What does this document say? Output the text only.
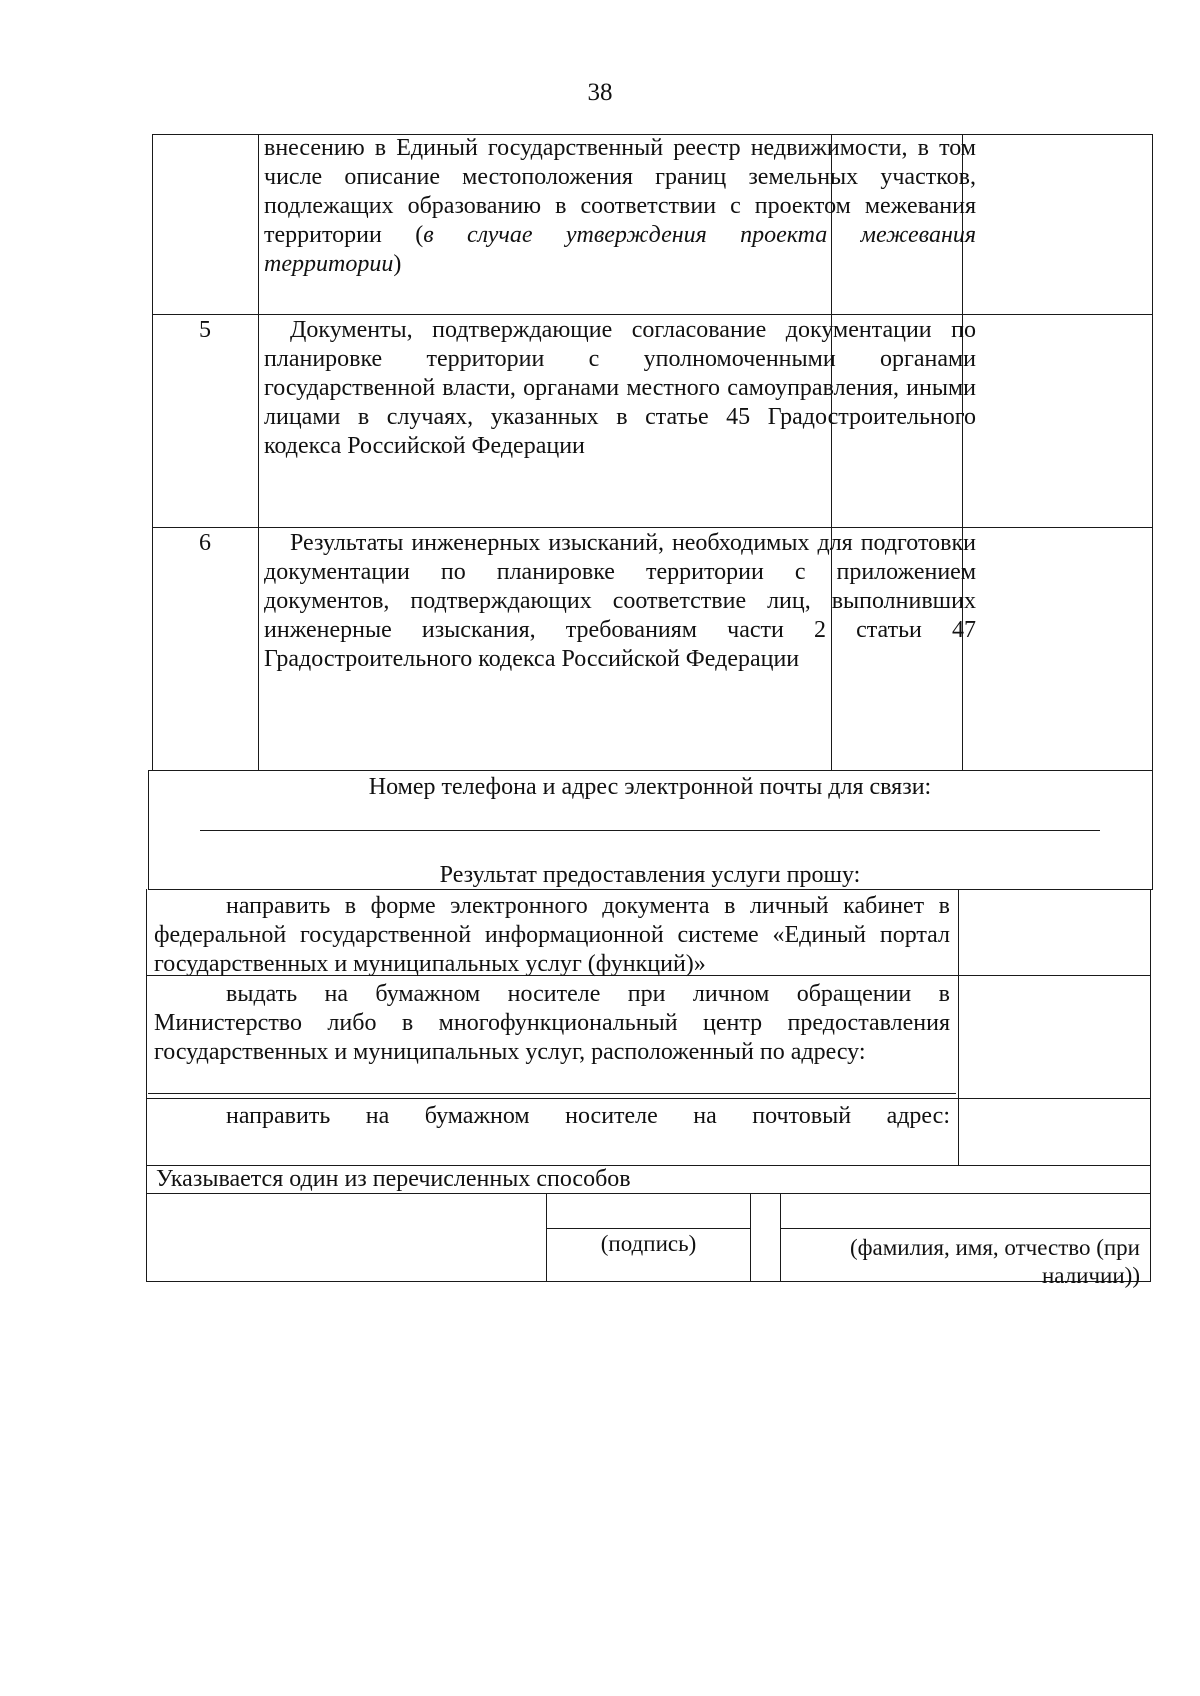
38
внесению в Единый государственный реестр недвижимости, в том числе описание местоположения границ земельных участков, подлежащих образованию в соответствии с проектом межевания территории (в случае утверждения проекта межевания территории)
5	Документы, подтверждающие согласование документации по планировке территории с уполномоченными органами государственной власти, органами местного самоуправления, иными лицами в случаях, указанных в статье 45 Градостроительного кодекса Российской Федерации
6	Результаты инженерных изысканий, необходимых для подготовки документации по планировке территории с приложением документов, подтверждающих соответствие лиц, выполнивших инженерные изыскания, требованиям части 2 статьи 47 Градостроительного кодекса Российской Федерации
Номер телефона и адрес электронной почты для связи:
Результат предоставления услуги прошу:
направить в форме электронного документа в личный кабинет в федеральной государственной информационной системе «Единый портал государственных и муниципальных услуг (функций)»
выдать на бумажном носителе при личном обращении в Министерство либо в многофункциональный центр предоставления государственных и муниципальных услуг, расположенный по адресу:
направить на бумажном носителе на почтовый адрес:
Указывается один из перечисленных способов
(подпись)	(фамилия, имя, отчество (при наличии))
